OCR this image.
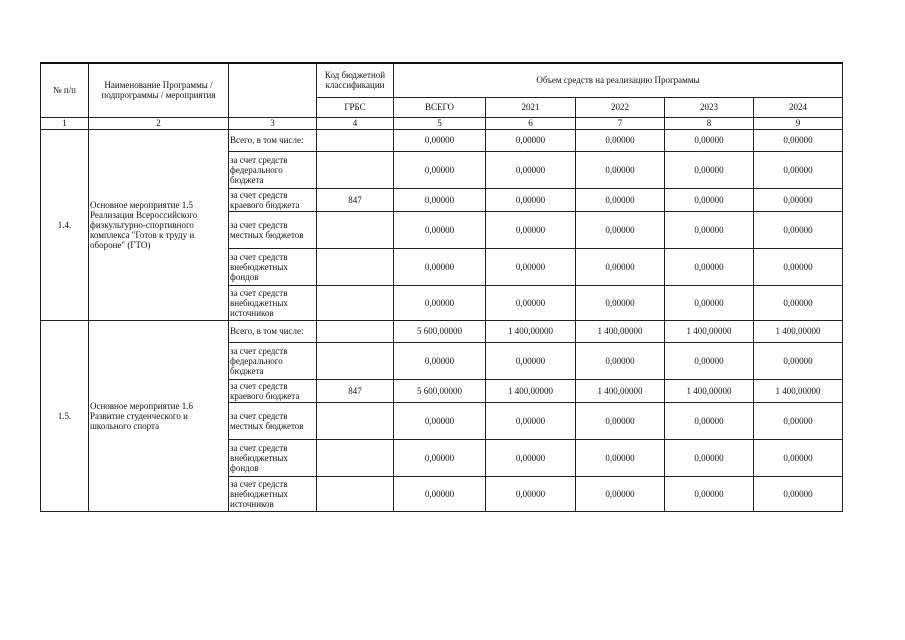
№ п/п	Наименование Программы / подпрограммы / мероприятия		Код бюджетной классификации	Объем средств на реализацию Программы				
			ГРБС	ВСЕГО	2021	2022	2023	2024
1	2	3	4	5	6	7	8	9
1.4.	Основное мероприятие 1.5 Реализация Всероссийского физкультурно-спортивного комплекса "Готов к труду и обороне" (ГТО)	Всего, в том числе:		0,00000	0,00000	0,00000	0,00000	0,00000
		за счет средств федерального бюджета		0,00000	0,00000	0,00000	0,00000	0,00000
		за счет средств краевого бюджета	847	0,00000	0,00000	0,00000	0,00000	0,00000
		за счет средств местных бюджетов		0,00000	0,00000	0,00000	0,00000	0,00000
		за счет средств внебюджетных фондов		0,00000	0,00000	0,00000	0,00000	0,00000
		за счет средств внебюджетных источников		0,00000	0,00000	0,00000	0,00000	0,00000
1.5.	Основное мероприятие 1.6 Развитие студенческого и школьного спорта	Всего, в том числе:		5 600,00000	1 400,00000	1 400,00000	1 400,00000	1 400,00000
		за счет средств федерального бюджета		0,00000	0,00000	0,00000	0,00000	0,00000
		за счет средств краевого бюджета	847	5 600,00000	1 400,00000	1 400,00000	1 400,00000	1 400,00000
		за счет средств местных бюджетов		0,00000	0,00000	0,00000	0,00000	0,00000
		за счет средств внебюджетных фондов		0,00000	0,00000	0,00000	0,00000	0,00000
		за счет средств внебюджетных источников		0,00000	0,00000	0,00000	0,00000	0,00000
